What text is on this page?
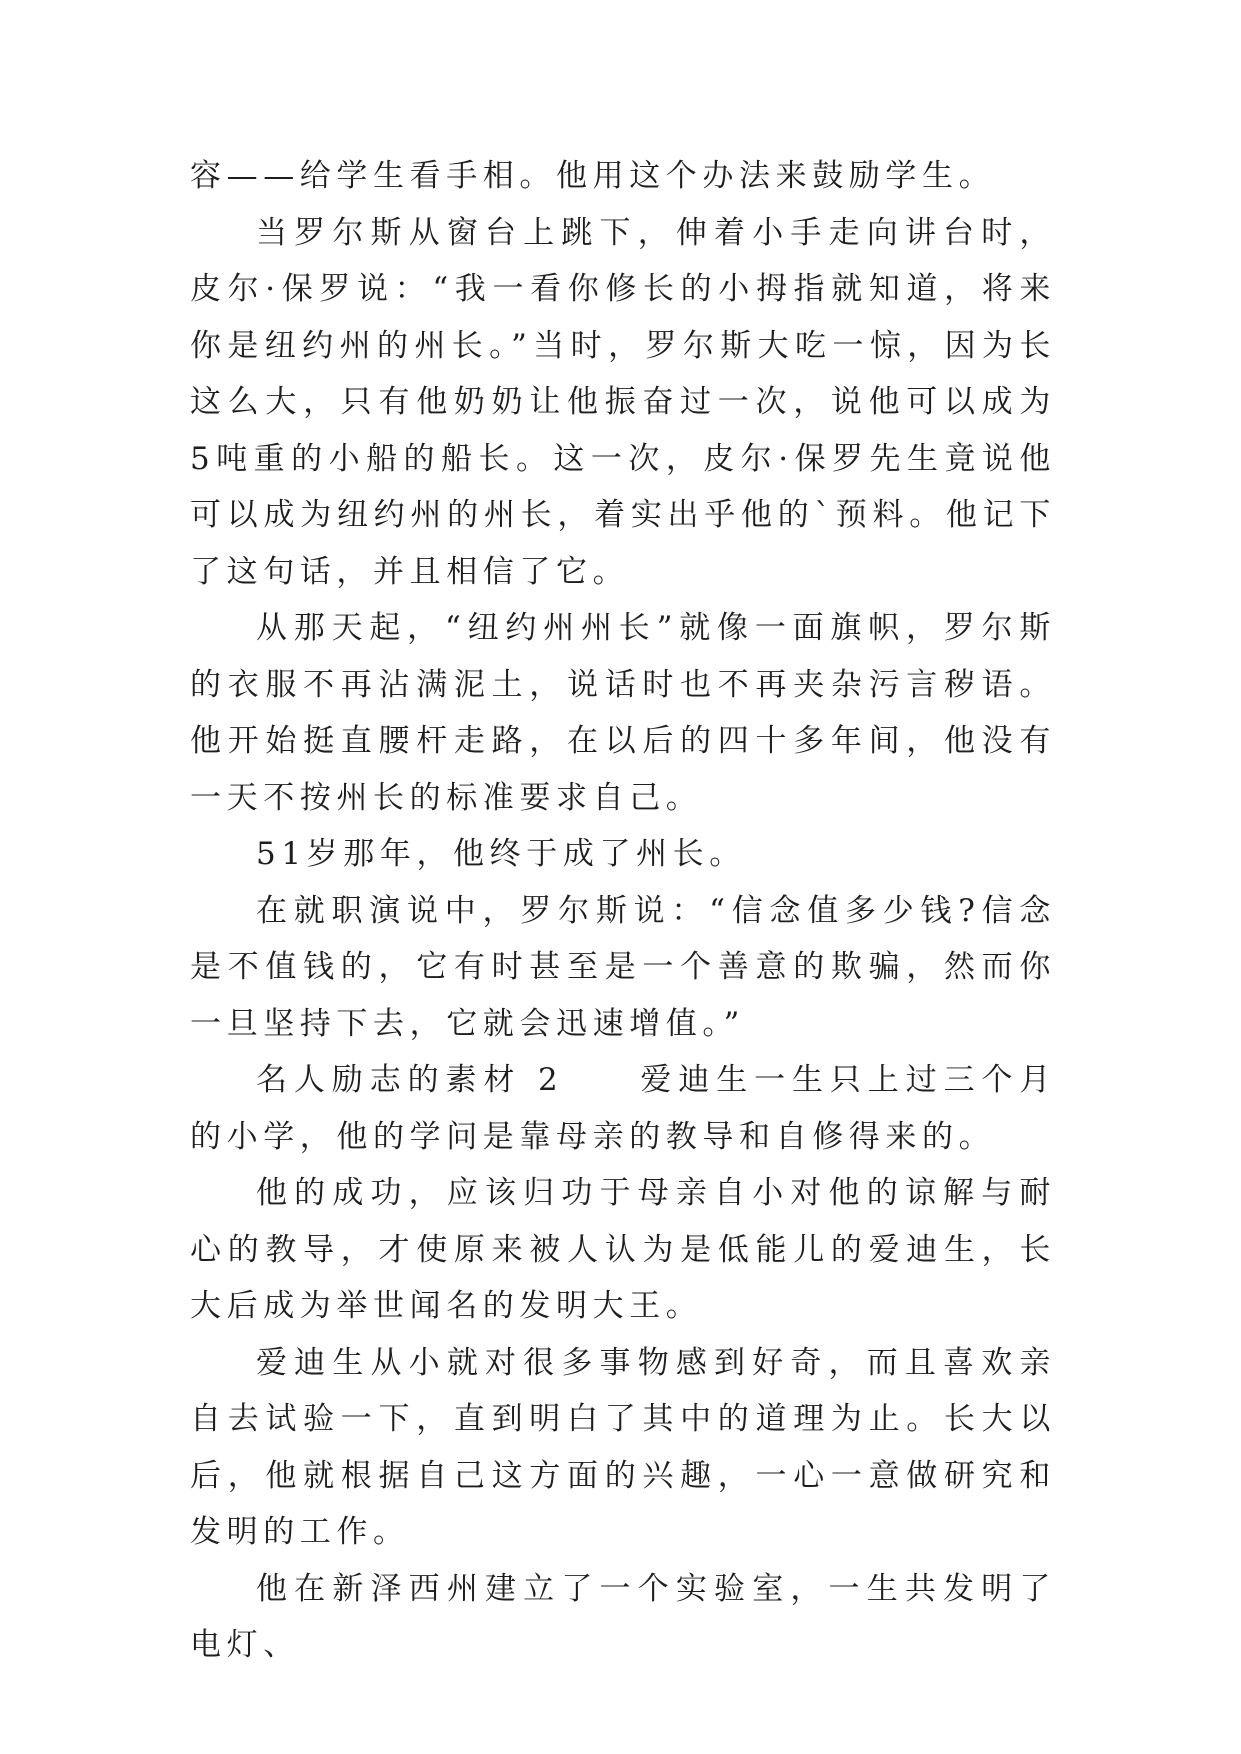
容——给学生看手相。他用这个办法来鼓励学生。

当罗尔斯从窗台上跳下，伸着小手走向讲台时，皮尔·保罗说：“我一看你修长的小拇指就知道，将来你是纽约州的州长。”当时，罗尔斯大吃一惊，因为长这么大，只有他奶奶让他振奋过一次，说他可以成为5吨重的小船的船长。这一次，皮尔·保罗先生竟说他可以成为纽约州的州长，着实出乎他的`预料。他记下了这句话，并且相信了它。

从那天起，“纽约州州长”就像一面旗帜，罗尔斯的衣服不再沾满泥土，说话时也不再夹杂污言秽语。他开始挺直腰杆走路，在以后的四十多年间，他没有一天不按州长的标准要求自己。

51岁那年，他终于成了州长。

在就职演说中，罗尔斯说：“信念值多少钱?信念是不值钱的，它有时甚至是一个善意的欺骗，然而你一旦坚持下去，它就会迅速增值。”

名人励志的素材 2　　爱迪生一生只上过三个月的小学，他的学问是靠母亲的教导和自修得来的。

他的成功，应该归功于母亲自小对他的谅解与耐心的教导，才使原来被人认为是低能儿的爱迪生，长大后成为举世闻名的发明大王。

爱迪生从小就对很多事物感到好奇，而且喜欢亲自去试验一下，直到明白了其中的道理为止。长大以后，他就根据自己这方面的兴趣，一心一意做研究和发明的工作。

他在新泽西州建立了一个实验室，一生共发明了电灯、
